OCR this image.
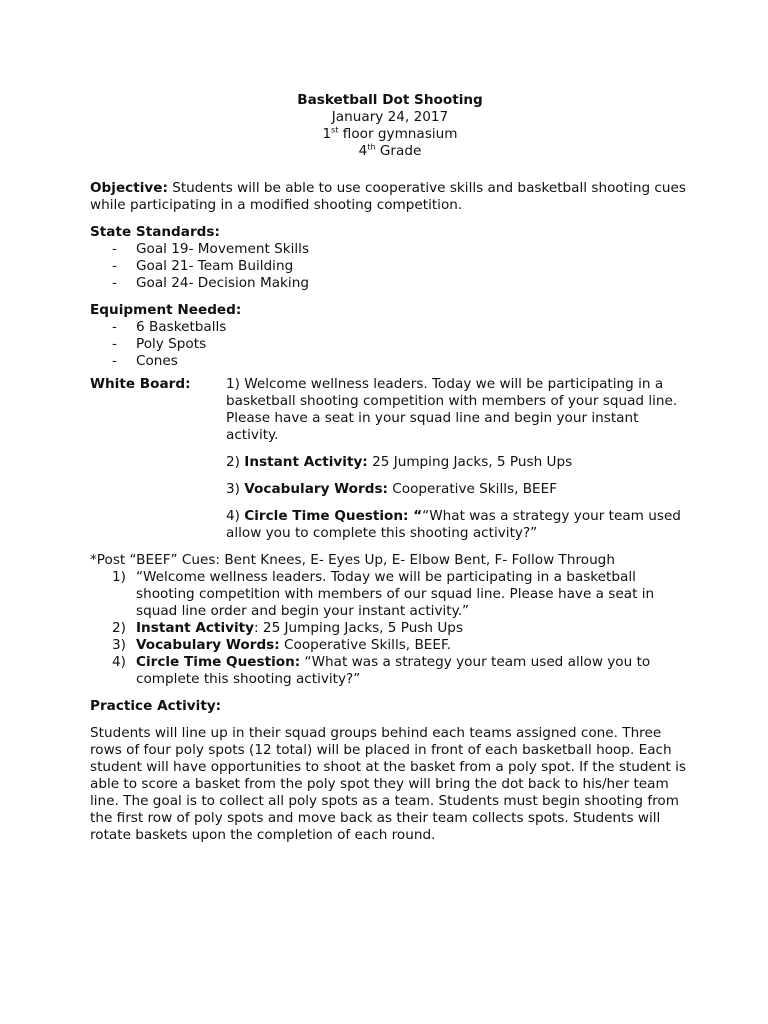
Basketball Dot Shooting

January 24, 2017

1st floor gymnasium

4th Grade

Objective: Students will be able to use cooperative skills and basketball shooting cues while participating in a modified shooting competition.

State Standards:

- Goal 19- Movement Skills
- Goal 21- Team Building
- Goal 24- Decision Making

Equipment Needed:

- 6 Basketballs
- Poly Spots
- Cones
White Board:	1) Welcome wellness leaders. Today we will be participating in a basketball shooting competition with members of your squad line. Please have a seat in your squad line and begin your instant activity.

2) Instant Activity: 25 Jumping Jacks, 5 Push Ups

3) Vocabulary Words: Cooperative Skills, BEEF

4) Circle Time Question: ““What was a strategy your team used allow you to complete this shooting activity?”

*Post “BEEF” Cues: Bent Knees, E- Eyes Up, E- Elbow Bent, F- Follow Through

1) “Welcome wellness leaders. Today we will be participating in a basketball shooting competition with members of our squad line. Please have a seat in squad line order and begin your instant activity.”
2) Instant Activity: 25 Jumping Jacks, 5 Push Ups
3) Vocabulary Words: Cooperative Skills, BEEF.
4) Circle Time Question: “What was a strategy your team used allow you to complete this shooting activity?”

Practice Activity:

Students will line up in their squad groups behind each teams assigned cone. Three rows of four poly spots (12 total) will be placed in front of each basketball hoop. Each student will have opportunities to shoot at the basket from a poly spot. If the student is able to score a basket from the poly spot they will bring the dot back to his/her team line. The goal is to collect all poly spots as a team. Students must begin shooting from the first row of poly spots and move back as their team collects spots. Students will rotate baskets upon the completion of each round.
